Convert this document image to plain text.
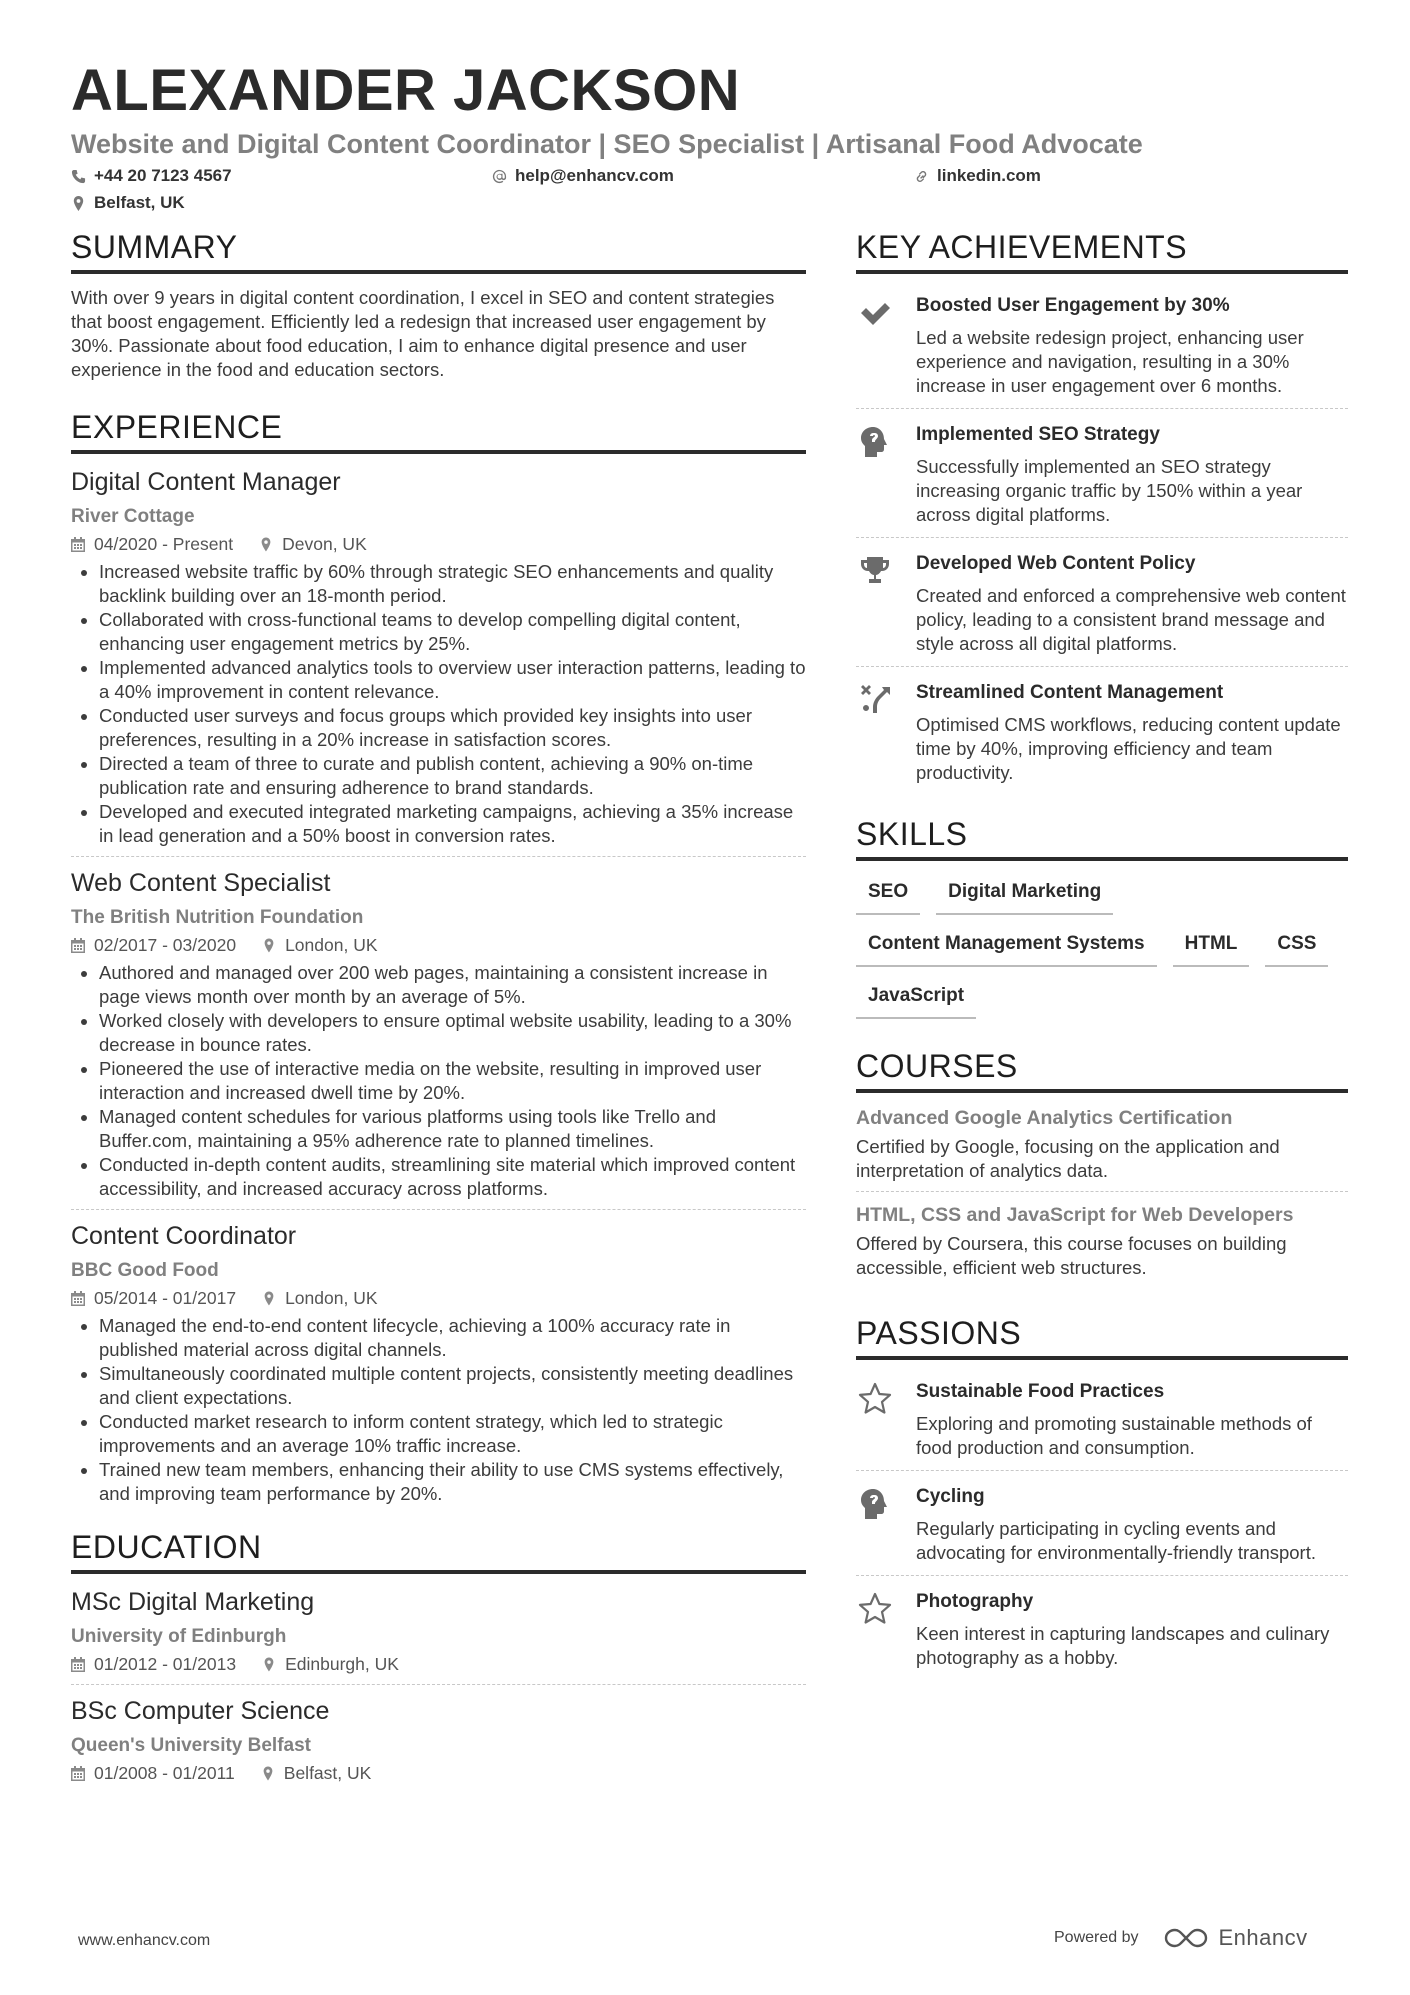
ALEXANDER JACKSON
Website and Digital Content Coordinator | SEO Specialist | Artisanal Food Advocate
+44 20 7123 4567	help@enhancv.com	linkedin.com
Belfast, UK
SUMMARY

With over 9 years in digital content coordination, I excel in SEO and content strategies that boost engagement. Efficiently led a redesign that increased user engagement by 30%. Passionate about food education, I aim to enhance digital presence and user experience in the food and education sectors.

EXPERIENCE
Digital Content Manager
River Cottage
04/2020 - Present	Devon, UK
• Increased website traffic by 60% through strategic SEO enhancements and quality backlink building over an 18-month period.
• Collaborated with cross-functional teams to develop compelling digital content, enhancing user engagement metrics by 25%.
• Implemented advanced analytics tools to overview user interaction patterns, leading to a 40% improvement in content relevance.
• Conducted user surveys and focus groups which provided key insights into user preferences, resulting in a 20% increase in satisfaction scores.
• Directed a team of three to curate and publish content, achieving a 90% on-time publication rate and ensuring adherence to brand standards.
• Developed and executed integrated marketing campaigns, achieving a 35% increase in lead generation and a 50% boost in conversion rates.
Web Content Specialist
The British Nutrition Foundation
02/2017 - 03/2020	London, UK
• Authored and managed over 200 web pages, maintaining a consistent increase in page views month over month by an average of 5%.
• Worked closely with developers to ensure optimal website usability, leading to a 30% decrease in bounce rates.
• Pioneered the use of interactive media on the website, resulting in improved user interaction and increased dwell time by 20%.
• Managed content schedules for various platforms using tools like Trello and Buffer.com, maintaining a 95% adherence rate to planned timelines.
• Conducted in-depth content audits, streamlining site material which improved content accessibility, and increased accuracy across platforms.
Content Coordinator
BBC Good Food
05/2014 - 01/2017	London, UK
• Managed the end-to-end content lifecycle, achieving a 100% accuracy rate in published material across digital channels.
• Simultaneously coordinated multiple content projects, consistently meeting deadlines and client expectations.
• Conducted market research to inform content strategy, which led to strategic improvements and an average 10% traffic increase.
• Trained new team members, enhancing their ability to use CMS systems effectively, and improving team performance by 20%.
EDUCATION
MSc Digital Marketing
University of Edinburgh
01/2012 - 01/2013	Edinburgh, UK
BSc Computer Science
Queen's University Belfast
01/2008 - 01/2011	Belfast, UK
KEY ACHIEVEMENTS
Boosted User Engagement by 30%
Led a website redesign project, enhancing user experience and navigation, resulting in a 30% increase in user engagement over 6 months.
Implemented SEO Strategy
Successfully implemented an SEO strategy increasing organic traffic by 150% within a year across digital platforms.
Developed Web Content Policy
Created and enforced a comprehensive web content policy, leading to a consistent brand message and style across all digital platforms.
Streamlined Content Management
Optimised CMS workflows, reducing content update time by 40%, improving efficiency and team productivity.
SKILLS
SEO	Digital Marketing
Content Management Systems	HTML	CSS
JavaScript
COURSES
Advanced Google Analytics Certification
Certified by Google, focusing on the application and interpretation of analytics data.
HTML, CSS and JavaScript for Web Developers
Offered by Coursera, this course focuses on building accessible, efficient web structures.
PASSIONS
Sustainable Food Practices
Exploring and promoting sustainable methods of food production and consumption.
Cycling
Regularly participating in cycling events and advocating for environmentally-friendly transport.
Photography
Keen interest in capturing landscapes and culinary photography as a hobby.
www.enhancv.com	Powered by	Enhancv
